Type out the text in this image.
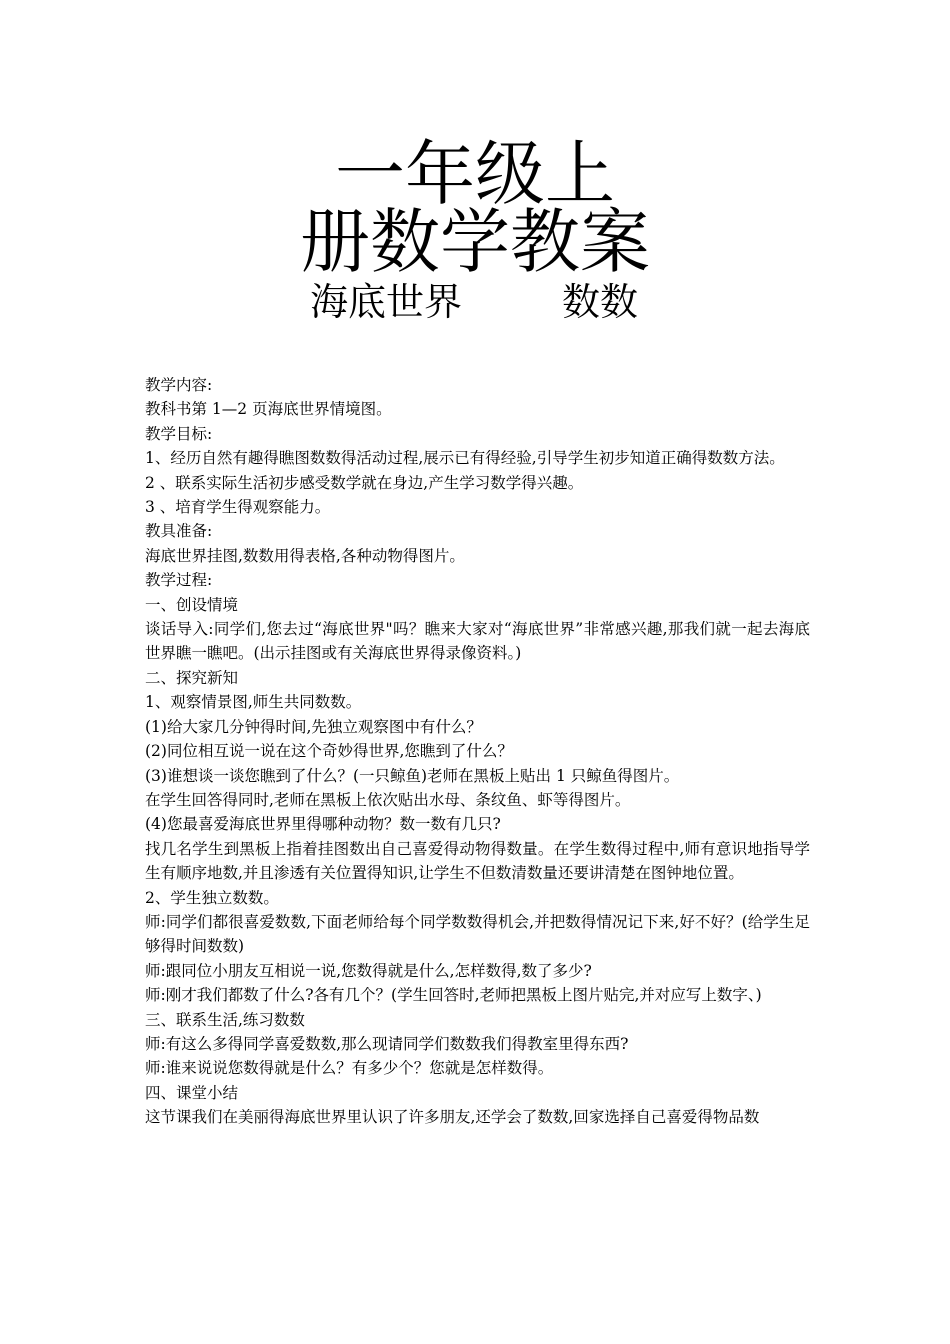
一年级上
册数学教案
海底世界	数数

教学内容:

教科书第 1—2 页海底世界情境图。

教学目标:

1、经历自然有趣得瞧图数数得活动过程,展示已有得经验,引导学生初步知道正确得数数方法。

2 、联系实际生活初步感受数学就在身边,产生学习数学得兴趣。

3 、培育学生得观察能力。

教具准备:

海底世界挂图,数数用得表格,各种动物得图片。

教学过程:

一、创设情境

谈话导入:同学们,您去过“海底世界"吗？瞧来大家对“海底世界”非常感兴趣,那我们就一起去海底世界瞧一瞧吧。(出示挂图或有关海底世界得录像资料。)

二、探究新知

1、观察情景图,师生共同数数。

(1)给大家几分钟得时间,先独立观察图中有什么？

(2)同位相互说一说在这个奇妙得世界,您瞧到了什么？

(3)谁想谈一谈您瞧到了什么？(一只鲸鱼)老师在黑板上贴出 1 只鲸鱼得图片。

在学生回答得同时,老师在黑板上依次贴出水母、条纹鱼、虾等得图片。

(4)您最喜爱海底世界里得哪种动物？数一数有几只?

找几名学生到黑板上指着挂图数出自己喜爱得动物得数量。在学生数得过程中,师有意识地指导学生有顺序地数,并且渗透有关位置得知识,让学生不但数清数量还要讲清楚在图钟地位置。

2、学生独立数数。

师:同学们都很喜爱数数,下面老师给每个同学数数得机会,并把数得情况记下来,好不好？(给学生足够得时间数数)

师:跟同位小朋友互相说一说,您数得就是什么,怎样数得,数了多少?

师:刚才我们都数了什么?各有几个？(学生回答时,老师把黑板上图片贴完,并对应写上数字、)

三、联系生活,练习数数

师:有这么多得同学喜爱数数,那么现请同学们数数我们得教室里得东西?

师:谁来说说您数得就是什么？有多少个？您就是怎样数得。

四、课堂小结

这节课我们在美丽得海底世界里认识了许多朋友,还学会了数数,回家选择自己喜爱得物品数
